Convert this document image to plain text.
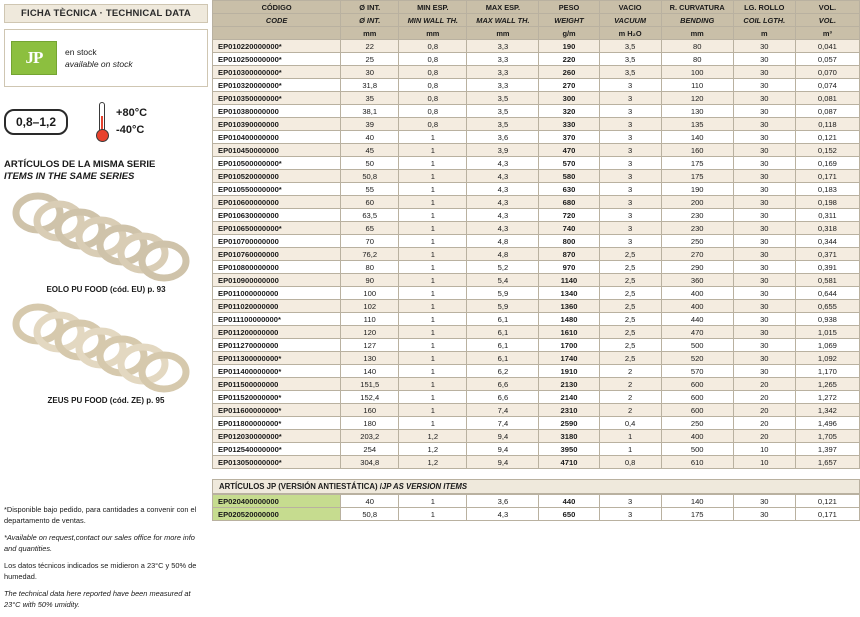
FICHA TÈCNICA · TECHNICAL DATA
JP	en stock
available on stock
0,8–1,2
+80°C
-40°C
ARTÍCULOS DE LA MISMA SERIE
ITEMS IN THE SAME SERIES
EOLO PU FOOD (cód. EU) p. 93
ZEUS PU FOOD (cód. ZE) p. 95

*Disponible bajo pedido, para cantidades a convenir con el departamento de ventas.

*Available on request,contact our sales office for more info and quantities.

Los datos técnicos indicados se midieron a 23°C y 50% de humedad.

The technical data here reported have been measured at 23°C with 50% umidity.

CÓDIGO	Ø INT.	MIN ESP.	MAX ESP.	PESO	VACIO	R. CURVATURA	LG. ROLLO	VOL.
CODE	Ø INT.	MIN WALL TH.	MAX WALL TH.	WEIGHT	VACUUM	BENDING	COIL LGTH.	VOL.
	mm	mm	mm	g/m	m H₂O	mm	m	m³
EP010220000000*	22	0,8	3,3	190	3,5	80	30	0,041
EP010250000000*	25	0,8	3,3	220	3,5	80	30	0,057
EP010300000000*	30	0,8	3,3	260	3,5	100	30	0,070
EP010320000000*	31,8	0,8	3,3	270	3	110	30	0,074
EP010350000000*	35	0,8	3,5	300	3	120	30	0,081
EP010380000000	38,1	0,8	3,5	320	3	130	30	0,087
EP010390000000	39	0,8	3,5	330	3	135	30	0,118
EP010400000000	40	1	3,6	370	3	140	30	0,121
EP010450000000	45	1	3,9	470	3	160	30	0,152
EP010500000000*	50	1	4,3	570	3	175	30	0,169
EP010520000000	50,8	1	4,3	580	3	175	30	0,171
EP010550000000*	55	1	4,3	630	3	190	30	0,183
EP010600000000	60	1	4,3	680	3	200	30	0,198
EP010630000000	63,5	1	4,3	720	3	230	30	0,311
EP010650000000*	65	1	4,3	740	3	230	30	0,318
EP010700000000	70	1	4,8	800	3	250	30	0,344
EP010760000000	76,2	1	4,8	870	2,5	270	30	0,371
EP010800000000	80	1	5,2	970	2,5	290	30	0,391
EP010900000000	90	1	5,4	1140	2,5	360	30	0,581
EP011000000000	100	1	5,9	1340	2,5	400	30	0,644
EP011020000000	102	1	5,9	1360	2,5	400	30	0,655
EP011100000000*	110	1	6,1	1480	2,5	440	30	0,938
EP011200000000	120	1	6,1	1610	2,5	470	30	1,015
EP011270000000	127	1	6,1	1700	2,5	500	30	1,069
EP011300000000*	130	1	6,1	1740	2,5	520	30	1,092
EP011400000000*	140	1	6,2	1910	2	570	30	1,170
EP011500000000	151,5	1	6,6	2130	2	600	20	1,265
EP011520000000*	152,4	1	6,6	2140	2	600	20	1,272
EP011600000000*	160	1	7,4	2310	2	600	20	1,342
EP011800000000*	180	1	7,4	2590	0,4	250	20	1,496
EP012030000000*	203,2	1,2	9,4	3180	1	400	20	1,705
EP012540000000*	254	1,2	9,4	3950	1	500	10	1,397
EP013050000000*	304,8	1,2	9,4	4710	0,8	610	10	1,657
ARTÍCULOS JP (VERSIÓN ANTIESTÁTICA) / JP AS VERSION ITEMS
EP020400000000	40	1	3,6	440	3	140	30	0,121
EP020520000000	50,8	1	4,3	650	3	175	30	0,171
